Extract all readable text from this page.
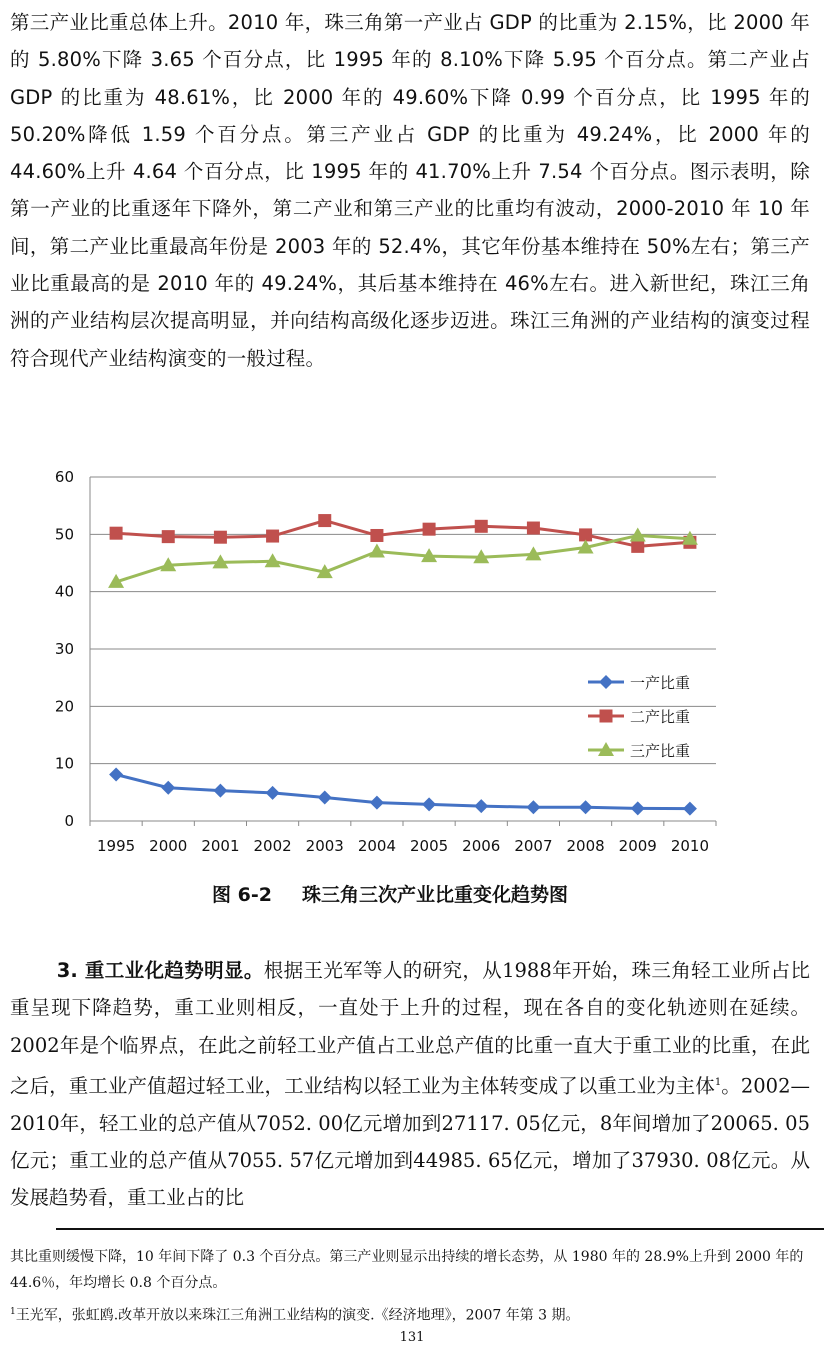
第三产业比重总体上升。2010 年，珠三角第一产业占 GDP 的比重为 2.15%，比 2000 年的 5.80%下降 3.65 个百分点，比 1995 年的 8.10%下降 5.95 个百分点。第二产业占 GDP 的比重为 48.61%，比 2000 年的 49.60%下降 0.99 个百分点，比 1995 年的 50.20%降低 1.59 个百分点。第三产业占 GDP 的比重为 49.24%，比 2000 年的 44.60%上升 4.64 个百分点，比 1995 年的 41.70%上升 7.54 个百分点。图示表明，除第一产业的比重逐年下降外，第二产业和第三产业的比重均有波动，2000-2010 年 10 年间，第二产业比重最高年份是 2003 年的 52.4%，其它年份基本维持在 50%左右；第三产业比重最高的是 2010 年的 49.24%，其后基本维持在 46%左右。进入新世纪，珠江三角洲的产业结构层次提高明显，并向结构高级化逐步迈进。珠江三角洲的产业结构的演变过程符合现代产业结构演变的一般过程。

0
10
20
30
40
50
60
1995 2000 2001 2002 2003 2004 2005 2006 2007 2008 2009 2010
一产比重
二产比重
三产比重
图 6-2 珠三角三次产业比重变化趋势图

3. 重工业化趋势明显。根据王光军等人的研究，从1988年开始，珠三角轻工业所占比重呈现下降趋势，重工业则相反，一直处于上升的过程，现在各自的变化轨迹则在延续。2002年是个临界点，在此之前轻工业产值占工业总产值的比重一直大于重工业的比重，在此之后，重工业产值超过轻工业，工业结构以轻工业为主体转变成了以重工业为主体$^1$。2002—2010年，轻工业的总产值从7052. 00亿元增加到27117. 05亿元，8年间增加了20065. 05亿元；重工业的总产值从7055. 57亿元增加到44985. 65亿元，增加了37930. 08亿元。从发展趋势看，重工业占的比

其比重则缓慢下降，10 年间下降了 0.3 个百分点。第三产业则显示出持续的增长态势，从 1980 年的 28.9%上升到 2000 年的 44.6％，年均增长 0.8 个百分点。

$^1$王光军，张虹鸥.改革开放以来珠江三角洲工业结构的演变.《经济地理》，2007 年第 3 期。

131
